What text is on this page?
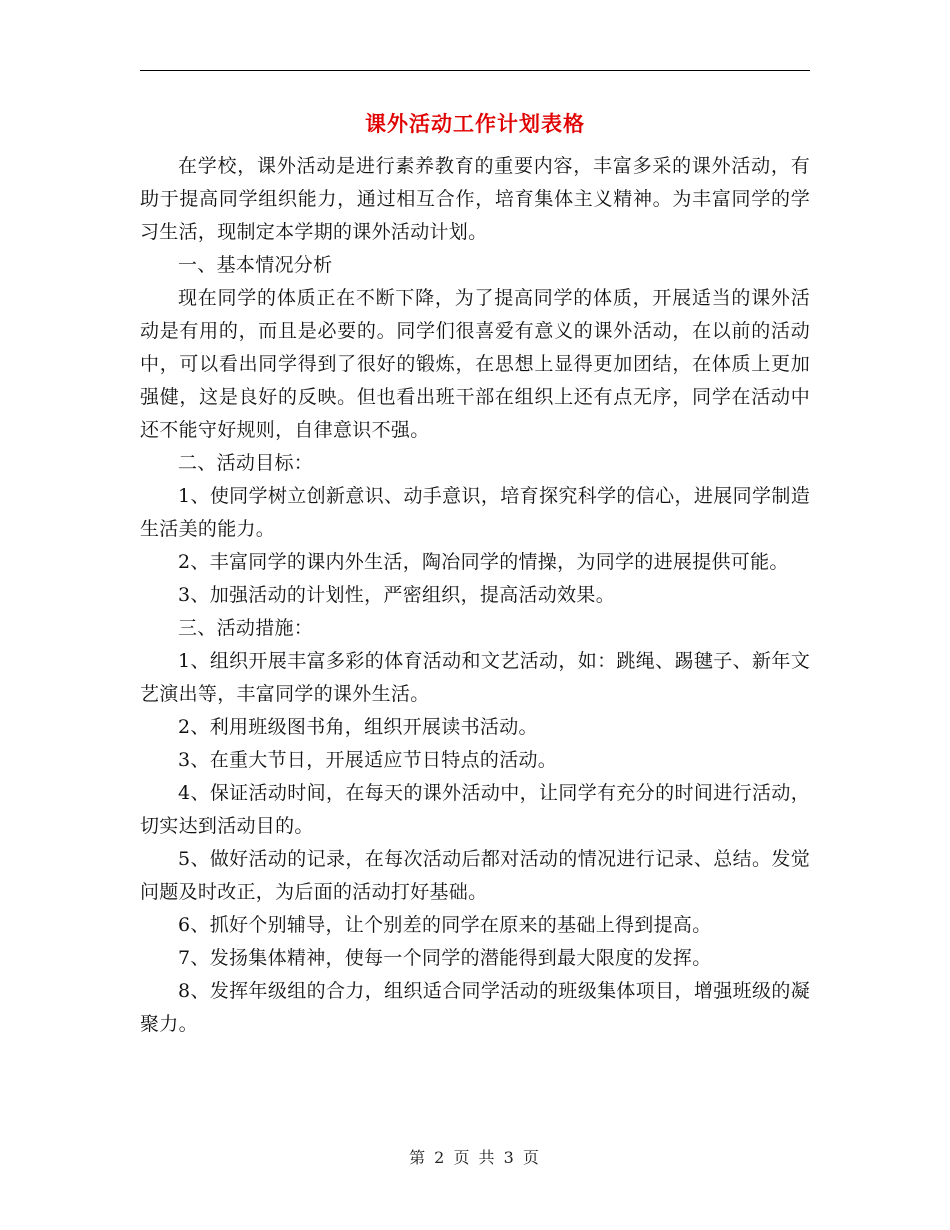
课外活动工作计划表格

在学校，课外活动是进行素养教育的重要内容，丰富多采的课外活动，有助于提高同学组织能力，通过相互合作，培育集体主义精神。为丰富同学的学习生活，现制定本学期的课外活动计划。

一、基本情况分析

现在同学的体质正在不断下降，为了提高同学的体质，开展适当的课外活动是有用的，而且是必要的。同学们很喜爱有意义的课外活动，在以前的活动中，可以看出同学得到了很好的锻炼，在思想上显得更加团结，在体质上更加强健，这是良好的反映。但也看出班干部在组织上还有点无序，同学在活动中还不能守好规则，自律意识不强。

二、活动目标：

1、使同学树立创新意识、动手意识，培育探究科学的信心，进展同学制造生活美的能力。

2、丰富同学的课内外生活，陶冶同学的情操，为同学的进展提供可能。

3、加强活动的计划性，严密组织，提高活动效果。

三、活动措施：

1、组织开展丰富多彩的体育活动和文艺活动，如：跳绳、踢毽子、新年文艺演出等，丰富同学的课外生活。

2、利用班级图书角，组织开展读书活动。

3、在重大节日，开展适应节日特点的活动。

4、保证活动时间，在每天的课外活动中，让同学有充分的时间进行活动，切实达到活动目的。

5、做好活动的记录，在每次活动后都对活动的情况进行记录、总结。发觉问题及时改正，为后面的活动打好基础。

6、抓好个别辅导，让个别差的同学在原来的基础上得到提高。

7、发扬集体精神，使每一个同学的潜能得到最大限度的发挥。

8、发挥年级组的合力，组织适合同学活动的班级集体项目，增强班级的凝聚力。

第 2 页 共 3 页
